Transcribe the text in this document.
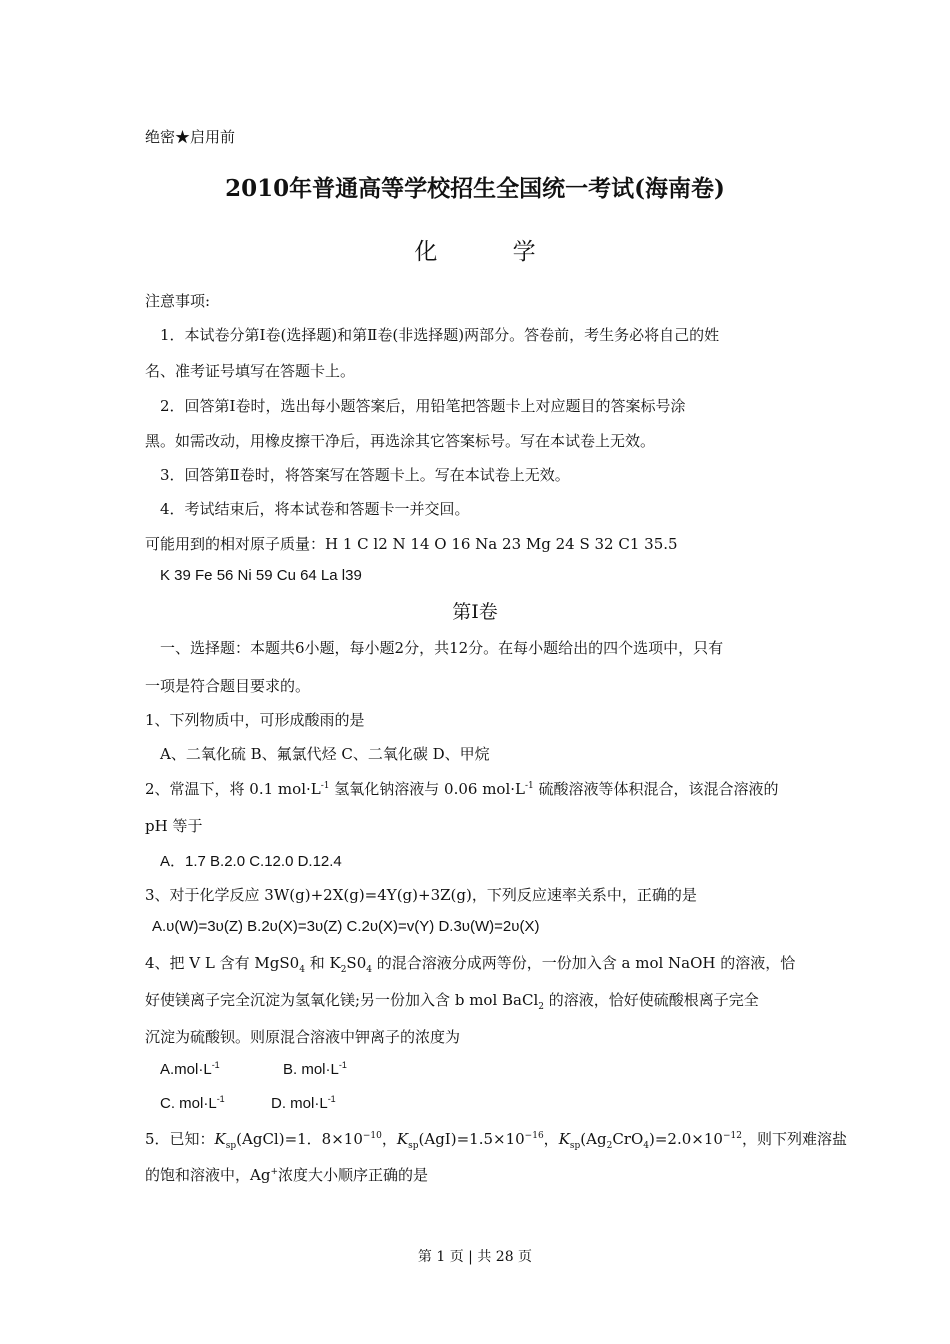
绝密★启用前
2010年普通高等学校招生全国统一考试(海南卷)
化 学
注意事项:
1．本试卷分第Ⅰ卷(选择题)和第Ⅱ卷(非选择题)两部分。答卷前，考生务必将自己的姓
名、准考证号填写在答题卡上。
2．回答第Ⅰ卷时，选出每小题答案后，用铅笔把答题卡上对应题目的答案标号涂
黑。如需改动，用橡皮擦干净后，再选涂其它答案标号。写在本试卷上无效。
3．回答第Ⅱ卷时，将答案写在答题卡上。写在本试卷上无效。
4．考试结束后，将本试卷和答题卡一并交回。
可能用到的相对原子质量：H 1 C l2 N 14 O 16 Na 23 Mg 24 S 32 C1 35.5
K 39 Fe 56 Ni 59 Cu 64 La l39
第Ⅰ卷
一、选择题：本题共6小题，每小题2分，共12分。在每小题给出的四个选项中，只有
一项是符合题目要求的。
1、下列物质中，可形成酸雨的是
A、二氧化硫 B、氟氯代烃 C、二氧化碳 D、甲烷
2、常温下，将 0.1 $mol\cdot L^{-1}$ 氢氧化钠溶液与 0.06 $mol\cdot L^{-1}$ 硫酸溶液等体积混合，该混合溶液的
pH 等于
A．1.7 B.2.0 C.12.0 D.12.4
3、对于化学反应 3W(g)+2X(g)=4Y(g)+3Z(g)，下列反应速率关系中，正确的是
A.υ(W)=3υ(Z) B.2υ(X)=3υ(Z) C.2υ(X)=v(Y) D.3υ(W)=2υ(X)
4、把 V L 含有 $MgS0_4$ 和 $K_2S0_4$ 的混合溶液分成两等份，一份加入含 a mol NaOH 的溶液，恰
好使镁离子完全沉淀为氢氧化镁;另一份加入含 b mol BaCl$_2$ 的溶液，恰好使硫酸根离子完全
沉淀为硫酸钡。则原混合溶液中钾离子的浓度为
$A.mol\cdot L^{-1}$	B. $mol\cdot L^{-1}$
C. $mol\cdot L^{-1}$	D. $mol\cdot L^{-1}$
5．已知：$K_{sp}(AgCl)=1$．$8\times 10^{-10}$，$K_{sp}(AgI)=1.5\times 10^{-16}$，$K_{sp}(Ag_2CrO_4)=2.0\times 10^{-12}$，则下列难溶盐
的饱和溶液中，Ag+浓度大小顺序正确的是
第 1 页 | 共 28 页
